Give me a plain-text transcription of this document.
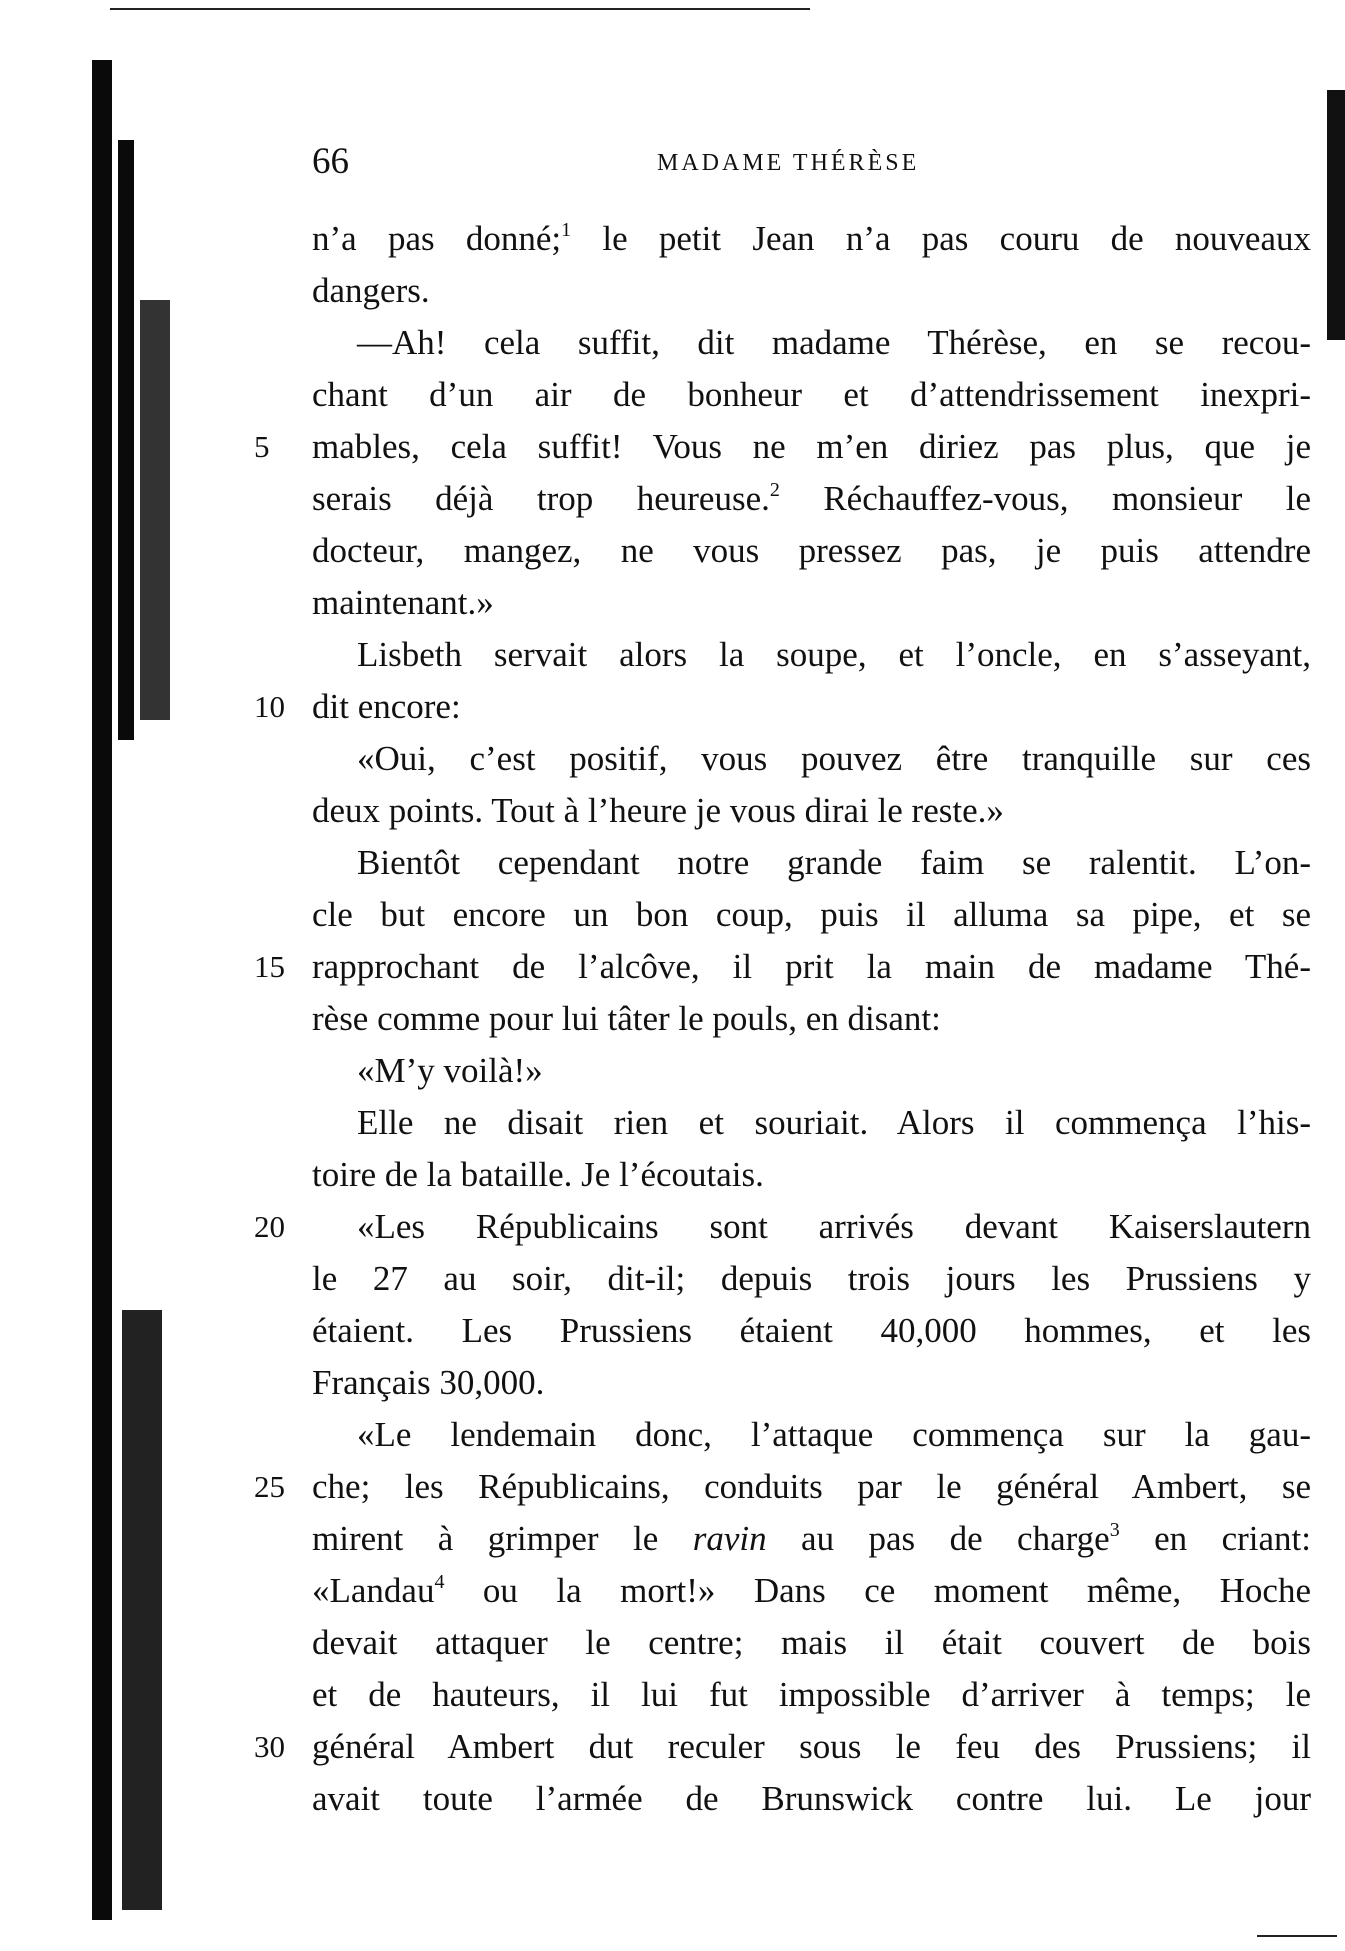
66	MADAME THÉRÈSE
n’a pas donné;$^1$ le petit Jean n’a pas couru de nouveaux
dangers.
—Ah! cela suffit, dit madame Thérèse, en se recou-
chant d’un air de bonheur et d’attendrissement inexpri-
5	mables, cela suffit! Vous ne m’en diriez pas plus, que je
serais déjà trop heureuse.$^2$ Réchauffez-vous, monsieur le
docteur, mangez, ne vous pressez pas, je puis attendre
maintenant.»
Lisbeth servait alors la soupe, et l’oncle, en s’asseyant,
10 dit encore:
«Oui, c’est positif, vous pouvez être tranquille sur ces
deux points. Tout à l’heure je vous dirai le reste.»
Bientôt cependant notre grande faim se ralentit. L’on-
cle but encore un bon coup, puis il alluma sa pipe, et se
15 rapprochant de l’alcôve, il prit la main de madame Thé-
rèse comme pour lui tâter le pouls, en disant:
«M’y voilà!»
Elle ne disait rien et souriait. Alors il commença l’his-
toire de la bataille. Je l’écoutais.
20	«Les Républicains sont arrivés devant Kaiserslautern
le 27 au soir, dit-il; depuis trois jours les Prussiens y
étaient. Les Prussiens étaient 40,000 hommes, et les
Français 30,000.
«Le lendemain donc, l’attaque commença sur la gau-
25 che; les Républicains, conduits par le général Ambert, se
mirent à grimper le ravin au pas de charge$^3$ en criant:
«Landau$^4$ ou la mort!» Dans ce moment même, Hoche
devait attaquer le centre; mais il était couvert de bois
et de hauteurs, il lui fut impossible d’arriver à temps; le
30 général Ambert dut reculer sous le feu des Prussiens; il
avait toute l’armée de Brunswick contre lui. Le jour
